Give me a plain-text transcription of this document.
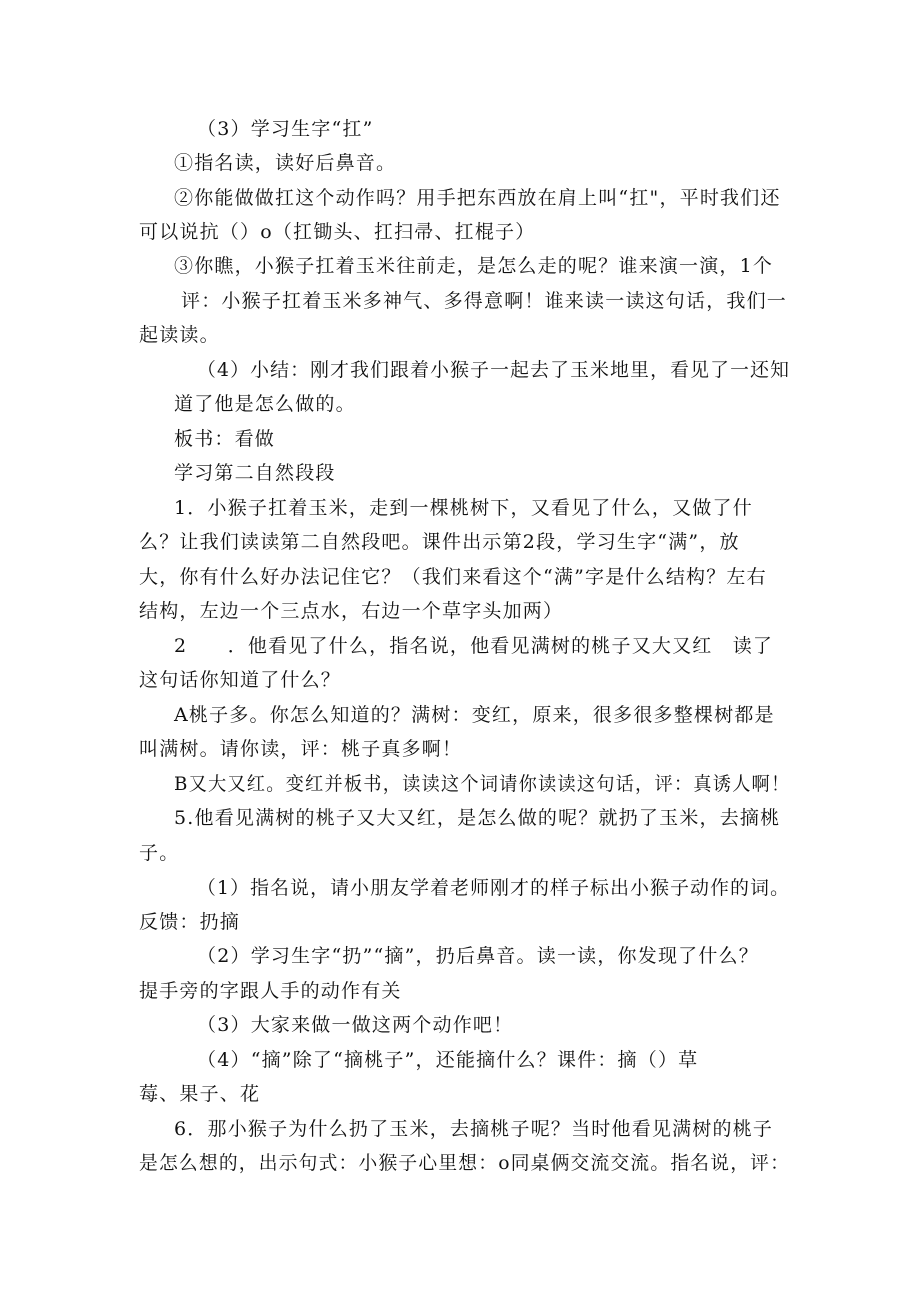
（3）学习生字“扛”
①指名读，读好后鼻音。
②你能做做扛这个动作吗？用手把东西放在肩上叫“扛"，平时我们还
可以说抗（）o（扛锄头、扛扫帚、扛棍子）
③你瞧，小猴子扛着玉米往前走，是怎么走的呢？谁来演一演，1个
评：小猴子扛着玉米多神气、多得意啊！谁来读一读这句话，我们一
起读读。
（4）小结：刚才我们跟着小猴子一起去了玉米地里，看见了一还知
道了他是怎么做的。
板书：看做
学习第二自然段段
1．小猴子扛着玉米，走到一棵桃树下，又看见了什么，又做了什
么？让我们读读第二自然段吧。课件出示第2段，学习生字“满”，放
大，你有什么好办法记住它？（我们来看这个“满”字是什么结构？左右
结构，左边一个三点水，右边一个草字头加两）
2　　．他看见了什么，指名说，他看见满树的桃子又大又红　读了
这句话你知道了什么？
A桃子多。你怎么知道的？满树：变红，原来，很多很多整棵树都是
叫满树。请你读，评：桃子真多啊！
B又大又红。变红并板书，读读这个词请你读读这句话，评：真诱人啊！
5.他看见满树的桃子又大又红，是怎么做的呢？就扔了玉米，去摘桃
子。
（1）指名说，请小朋友学着老师刚才的样子标出小猴子动作的词。
反馈：扔摘
（2）学习生字“扔”“摘”，扔后鼻音。读一读，你发现了什么？
提手旁的字跟人手的动作有关
（3）大家来做一做这两个动作吧！
（4）“摘”除了“摘桃子”，还能摘什么？课件：摘（）草
莓、果子、花
6．那小猴子为什么扔了玉米，去摘桃子呢？当时他看见满树的桃子
是怎么想的，出示句式：小猴子心里想：o同桌俩交流交流。指名说，评：
